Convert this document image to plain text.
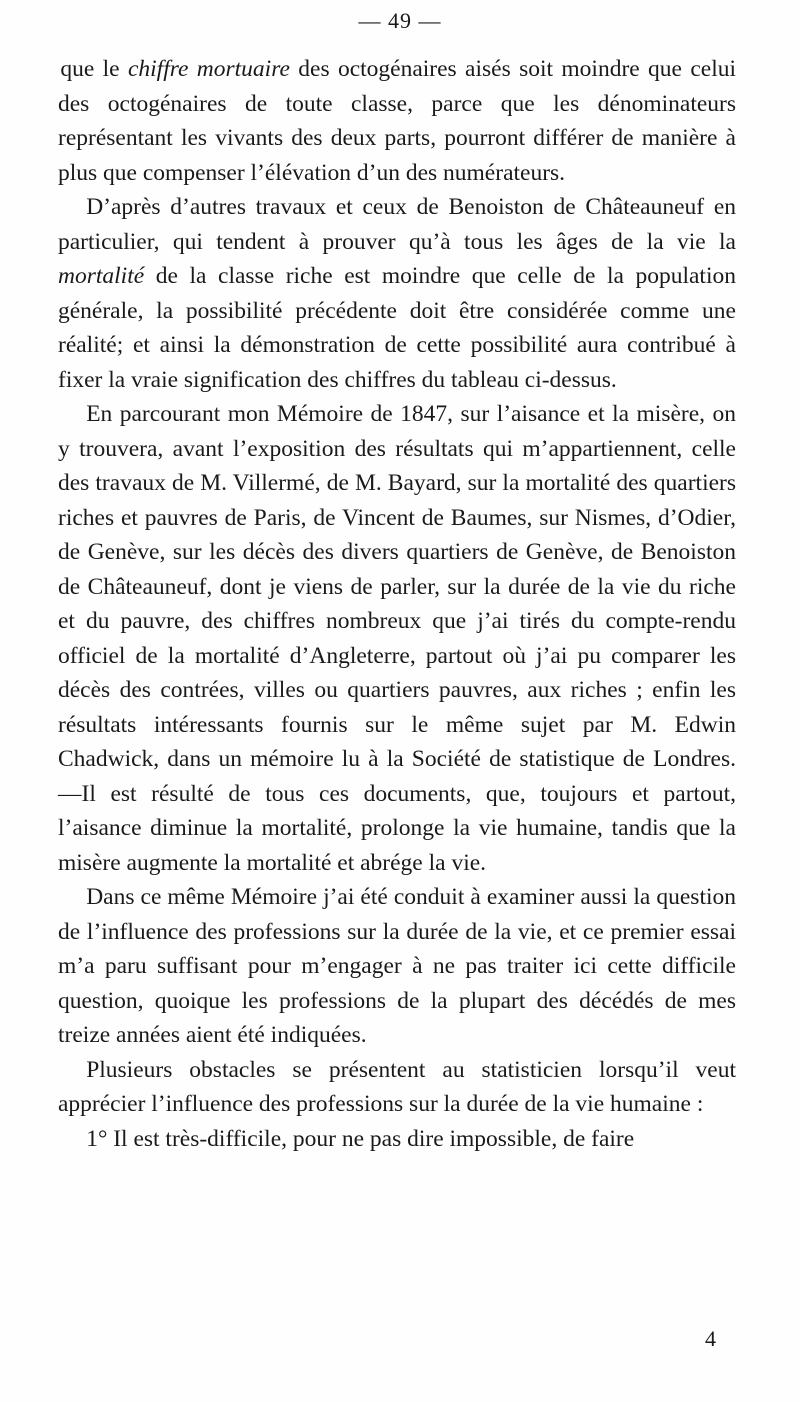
— 49 —

que le chiffre mortuaire des octogénaires aisés soit moindre que celui des octogénaires de toute classe, parce que les dénominateurs représentant les vivants des deux parts, pourront différer de manière à plus que compenser l’élévation d’un des numérateurs.

D’après d’autres travaux et ceux de Benoiston de Châteauneuf en particulier, qui tendent à prouver qu’à tous les âges de la vie la mortalité de la classe riche est moindre que celle de la population générale, la possibilité précédente doit être considérée comme une réalité; et ainsi la démonstration de cette possibilité aura contribué à fixer la vraie signification des chiffres du tableau ci-dessus.

En parcourant mon Mémoire de 1847, sur l’aisance et la misère, on y trouvera, avant l’exposition des résultats qui m’appartiennent, celle des travaux de M. Villermé, de M. Bayard, sur la mortalité des quartiers riches et pauvres de Paris, de Vincent de Baumes, sur Nismes, d’Odier, de Genève, sur les décès des divers quartiers de Genève, de Benoiston de Châteauneuf, dont je viens de parler, sur la durée de la vie du riche et du pauvre, des chiffres nombreux que j’ai tirés du compte-rendu officiel de la mortalité d’Angleterre, partout où j’ai pu comparer les décès des contrées, villes ou quartiers pauvres, aux riches ; enfin les résultats intéressants fournis sur le même sujet par M. Edwin Chadwick, dans un mémoire lu à la Société de statistique de Londres. —Il est résulté de tous ces documents, que, toujours et partout, l’aisance diminue la mortalité, prolonge la vie humaine, tandis que la misère augmente la mortalité et abrége la vie.

Dans ce même Mémoire j’ai été conduit à examiner aussi la question de l’influence des professions sur la durée de la vie, et ce premier essai m’a paru suffisant pour m’engager à ne pas traiter ici cette difficile question, quoique les professions de la plupart des décédés de mes treize années aient été indiquées.

Plusieurs obstacles se présentent au statisticien lorsqu’il veut apprécier l’influence des professions sur la durée de la vie humaine :

1° Il est très-difficile, pour ne pas dire impossible, de faire

4
